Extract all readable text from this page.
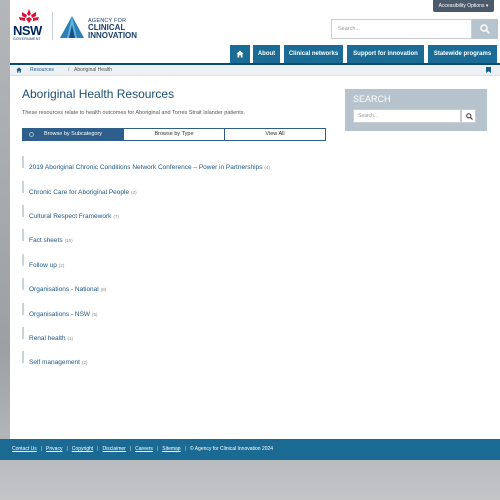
Accessibility Options ▾
NSW
GOVERNMENT
AGENCY FOR
CLINICAL
INNOVATION
Search...
About	Clinical networks	Support for innovation	Statewide programs
Resources	/ Aboriginal Health
Aboriginal Health Resources
These resources relate to health outcomes for Aboriginal and Torres Strait Islander patients.
Browse by Subcategory	Browse by Type	View All
2019 Aboriginal Chronic Conditions Network Conference – Power in Partnerships (4)
Chronic Care for Aboriginal People (2)
Cultural Respect Framework (7)
Fact sheets (10)
Follow up (2)
Organisations - National (8)
Organisations - NSW (5)
Renal health (1)
Self management (2)
SEARCH
Search...
Contact Us | Privacy | Copyright | Disclaimer | Careers | Sitemap | © Agency for Clinical Innovation 2024
